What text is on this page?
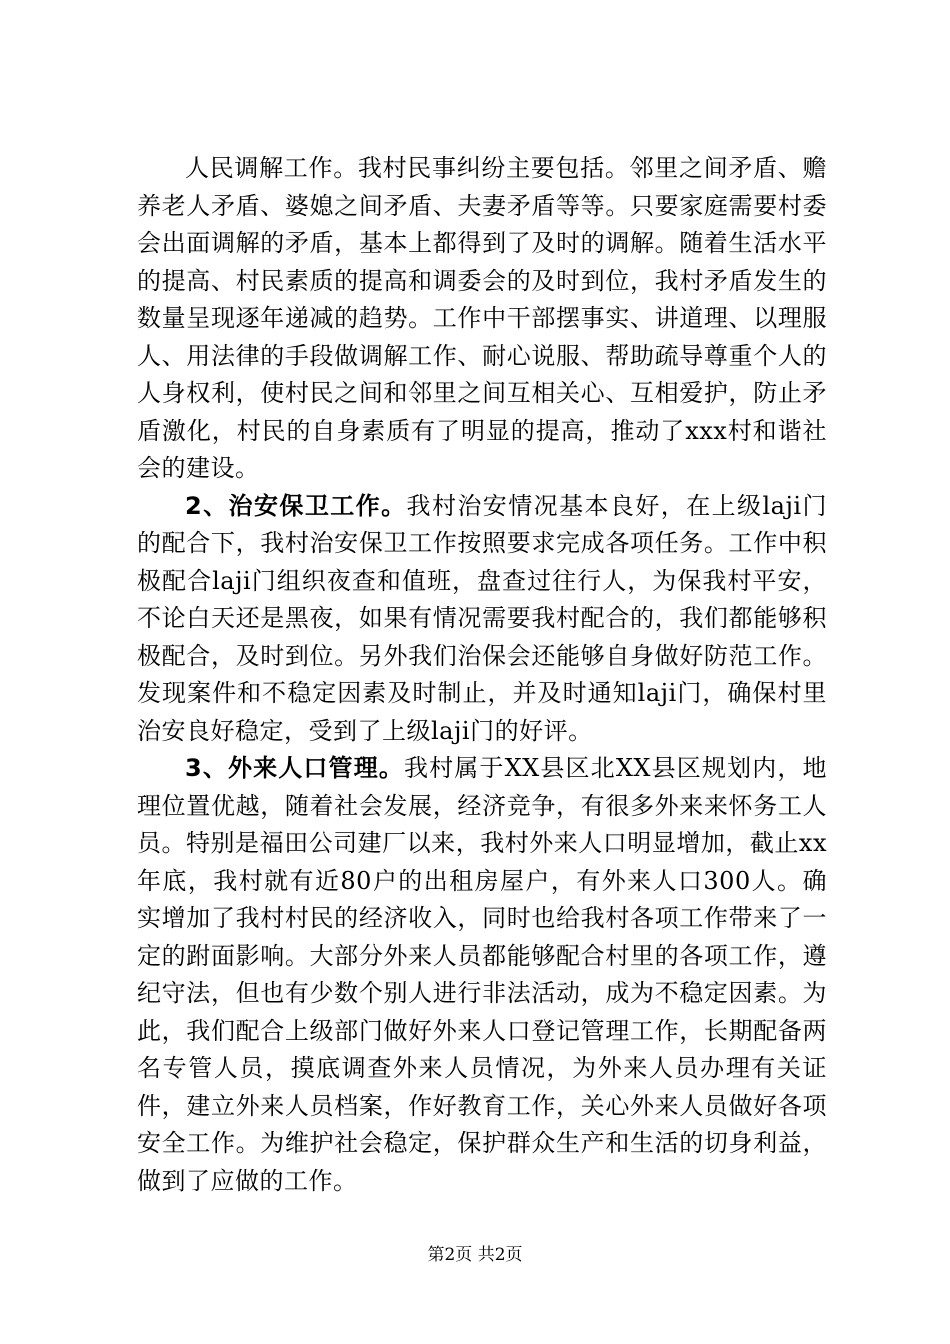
人民调解工作。我村民事纠纷主要包括。邻里之间矛盾、赡养老人矛盾、婆媳之间矛盾、夫妻矛盾等等。只要家庭需要村委会出面调解的矛盾，基本上都得到了及时的调解。随着生活水平的提高、村民素质的提高和调委会的及时到位，我村矛盾发生的数量呈现逐年递减的趋势。工作中干部摆事实、讲道理、以理服人、用法律的手段做调解工作、耐心说服、帮助疏导尊重个人的人身权利，使村民之间和邻里之间互相关心、互相爱护，防止矛盾激化，村民的自身素质有了明显的提高，推动了xxx村和谐社会的建设。

2、治安保卫工作。我村治安情况基本良好，在上级laji门的配合下，我村治安保卫工作按照要求完成各项任务。工作中积极配合laji门组织夜查和值班，盘查过往行人，为保我村平安，不论白天还是黑夜，如果有情况需要我村配合的，我们都能够积极配合，及时到位。另外我们治保会还能够自身做好防范工作。发现案件和不稳定因素及时制止，并及时通知laji门，确保村里治安良好稳定，受到了上级laji门的好评。

3、外来人口管理。我村属于XX县区北XX县区规划内，地理位置优越，随着社会发展，经济竞争，有很多外来来怀务工人员。特别是福田公司建厂以来，我村外来人口明显增加，截止xx年底，我村就有近80户的出租房屋户，有外来人口300人。确实增加了我村村民的经济收入，同时也给我村各项工作带来了一定的跗面影响。大部分外来人员都能够配合村里的各项工作，遵纪守法，但也有少数个别人进行非法活动，成为不稳定因素。为此，我们配合上级部门做好外来人口登记管理工作，长期配备两名专管人员，摸底调查外来人员情况，为外来人员办理有关证件，建立外来人员档案，作好教育工作，关心外来人员做好各项安全工作。为维护社会稳定，保护群众生产和生活的切身利益，做到了应做的工作。

第2页 共2页
